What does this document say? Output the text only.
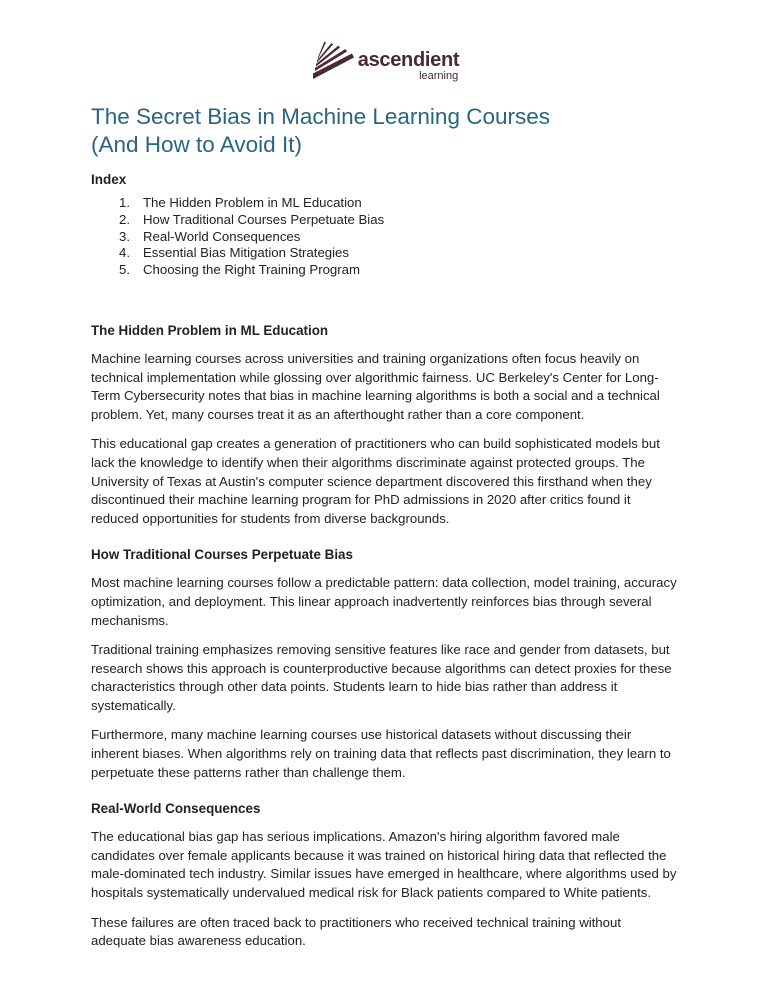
ascendient
learning
The Secret Bias in Machine Learning Courses
(And How to Avoid It)
Index
1. The Hidden Problem in ML Education
2. How Traditional Courses Perpetuate Bias
3. Real-World Consequences
4. Essential Bias Mitigation Strategies
5. Choosing the Right Training Program
The Hidden Problem in ML Education

Machine learning courses across universities and training organizations often focus heavily on technical implementation while glossing over algorithmic fairness. UC Berkeley's Center for Long-Term Cybersecurity notes that bias in machine learning algorithms is both a social and a technical problem. Yet, many courses treat it as an afterthought rather than a core component.

This educational gap creates a generation of practitioners who can build sophisticated models but lack the knowledge to identify when their algorithms discriminate against protected groups. The University of Texas at Austin's computer science department discovered this firsthand when they discontinued their machine learning program for PhD admissions in 2020 after critics found it reduced opportunities for students from diverse backgrounds.

How Traditional Courses Perpetuate Bias

Most machine learning courses follow a predictable pattern: data collection, model training, accuracy optimization, and deployment. This linear approach inadvertently reinforces bias through several mechanisms.

Traditional training emphasizes removing sensitive features like race and gender from datasets, but research shows this approach is counterproductive because algorithms can detect proxies for these characteristics through other data points. Students learn to hide bias rather than address it systematically.

Furthermore, many machine learning courses use historical datasets without discussing their inherent biases. When algorithms rely on training data that reflects past discrimination, they learn to perpetuate these patterns rather than challenge them.

Real-World Consequences

The educational bias gap has serious implications. Amazon's hiring algorithm favored male candidates over female applicants because it was trained on historical hiring data that reflected the male-dominated tech industry. Similar issues have emerged in healthcare, where algorithms used by hospitals systematically undervalued medical risk for Black patients compared to White patients.

These failures are often traced back to practitioners who received technical training without adequate bias awareness education.
